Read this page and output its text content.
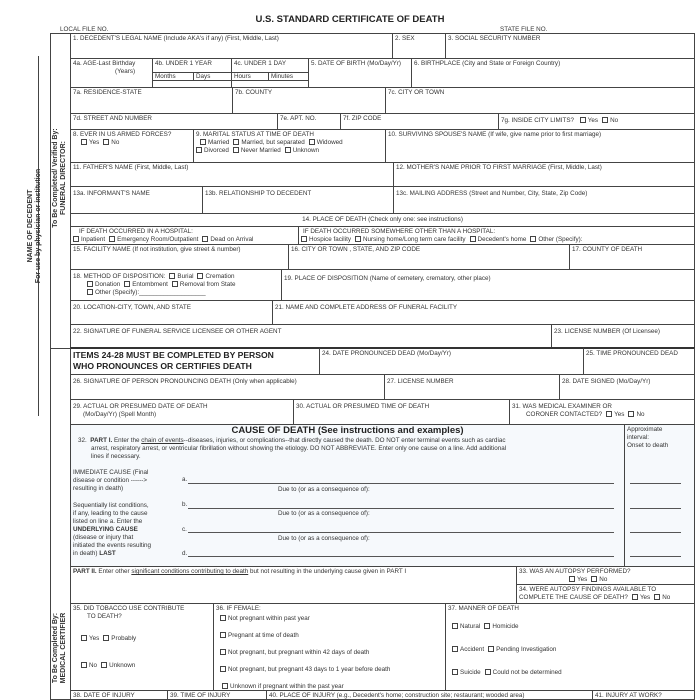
U.S. STANDARD CERTIFICATE OF DEATH
LOCAL FILE NO.	STATE FILE NO.
NAME OF DECEDENT For use by physician or institution To Be Completed/ Verified By: FUNERAL DIRECTOR:
To Be Completed By: MEDICAL CERTIFIER
1. DECEDENT'S LEGAL NAME (Include AKA's if any) (First, Middle, Last)	2. SEX	3. SOCIAL SECURITY NUMBER
4a. AGE-Last Birthday
(Years)
4b. UNDER 1 YEAR
Months	Days
4c. UNDER 1 DAY
Hours	Minutes
5. DATE OF BIRTH (Mo/Day/Yr)	6. BIRTHPLACE (City and State or Foreign Country)
7a. RESIDENCE-STATE	7b. COUNTY	7c. CITY OR TOWN
7d. STREET AND NUMBER	7e. APT. NO.	7f. ZIP CODE	7g. INSIDE CITY LIMITS? Yes No
8. EVER IN US ARMED FORCES?
Yes No
9. MARITAL STATUS AT TIME OF DEATH
Married Married, but separated Widowed
Divorced Never Married Unknown
10. SURVIVING SPOUSE'S NAME (If wife, give name prior to first marriage)
11. FATHER'S NAME (First, Middle, Last)	12. MOTHER'S NAME PRIOR TO FIRST MARRIAGE (First, Middle, Last)
13a. INFORMANT'S NAME	13b. RELATIONSHIP TO DECEDENT	13c. MAILING ADDRESS (Street and Number, City, State, Zip Code)
14. PLACE OF DEATH (Check only one: see instructions)
IF DEATH OCCURRED IN A HOSPITAL:
Inpatient Emergency Room/Outpatient Dead on Arrival
IF DEATH OCCURRED SOMEWHERE OTHER THAN A HOSPITAL:
Hospice facility Nursing home/Long term care facility Decedent's home Other (Specify):
15. FACILITY NAME (If not institution, give street & number)	16. CITY OR TOWN , STATE, AND ZIP CODE	17. COUNTY OF DEATH
18. METHOD OF DISPOSITION: Burial Cremation
Donation Entombment Removal from State
Other (Specify):___________________
19. PLACE OF DISPOSITION (Name of cemetery, crematory, other place)
20. LOCATION-CITY, TOWN, AND STATE	21. NAME AND COMPLETE ADDRESS OF FUNERAL FACILITY
22. SIGNATURE OF FUNERAL SERVICE LICENSEE OR OTHER AGENT	23. LICENSE NUMBER (Of Licensee)
ITEMS 24-28 MUST BE COMPLETED BY PERSON
WHO PRONOUNCES OR CERTIFIES DEATH
24. DATE PRONOUNCED DEAD (Mo/Day/Yr)	25. TIME PRONOUNCED DEAD
26. SIGNATURE OF PERSON PRONOUNCING DEATH (Only when applicable)	27. LICENSE NUMBER	28. DATE SIGNED (Mo/Day/Yr)
29. ACTUAL OR PRESUMED DATE OF DEATH
(Mo/Day/Yr) (Spell Month)
30. ACTUAL OR PRESUMED TIME OF DEATH	31. WAS MEDICAL EXAMINER OR
CORONER CONTACTED? Yes No
Approximate
interval:
Onset to death
CAUSE OF DEATH (See instructions and examples)
32. PART I. Enter the chain of events--diseases, injuries, or complications--that directly caused the death. DO NOT enter terminal events such as cardiac
arrest, respiratory arrest, or ventricular fibrillation without showing the etiology. DO NOT ABBREVIATE. Enter only one cause on a line. Add additional
lines if necessary.
IMMEDIATE CAUSE (Final
disease or condition ------>
resulting in death)
Sequentially list conditions,
if any, leading to the cause
listed on line a. Enter the
UNDERLYING CAUSE
(disease or injury that
initiated the events resulting
in death) LAST
a.
Due to (or as a consequence of):
b.
Due to (or as a consequence of):
c.
Due to (or as a consequence of):
d.
PART II. Enter other significant conditions contributing to death but not resulting in the underlying cause given in PART I	33. WAS AN AUTOPSY PERFORMED?
Yes No
34. WERE AUTOPSY FINDINGS AVAILABLE TO
COMPLETE THE CAUSE OF DEATH? Yes No
35. DID TOBACCO USE CONTRIBUTE
TO DEATH?
Yes Probably
No Unknown
36. IF FEMALE:
Not pregnant within past year
Pregnant at time of death
Not pregnant, but pregnant within 42 days of death
Not pregnant, but pregnant 43 days to 1 year before death
Unknown if pregnant within the past year
37. MANNER OF DEATH
Natural Homicide
Accident Pending Investigation
Suicide Could not be determined
38. DATE OF INJURY	39. TIME OF INJURY	40. PLACE OF INJURY (e.g., Decedent's home; construction site; restaurant; wooded area)	41. INJURY AT WORK?
